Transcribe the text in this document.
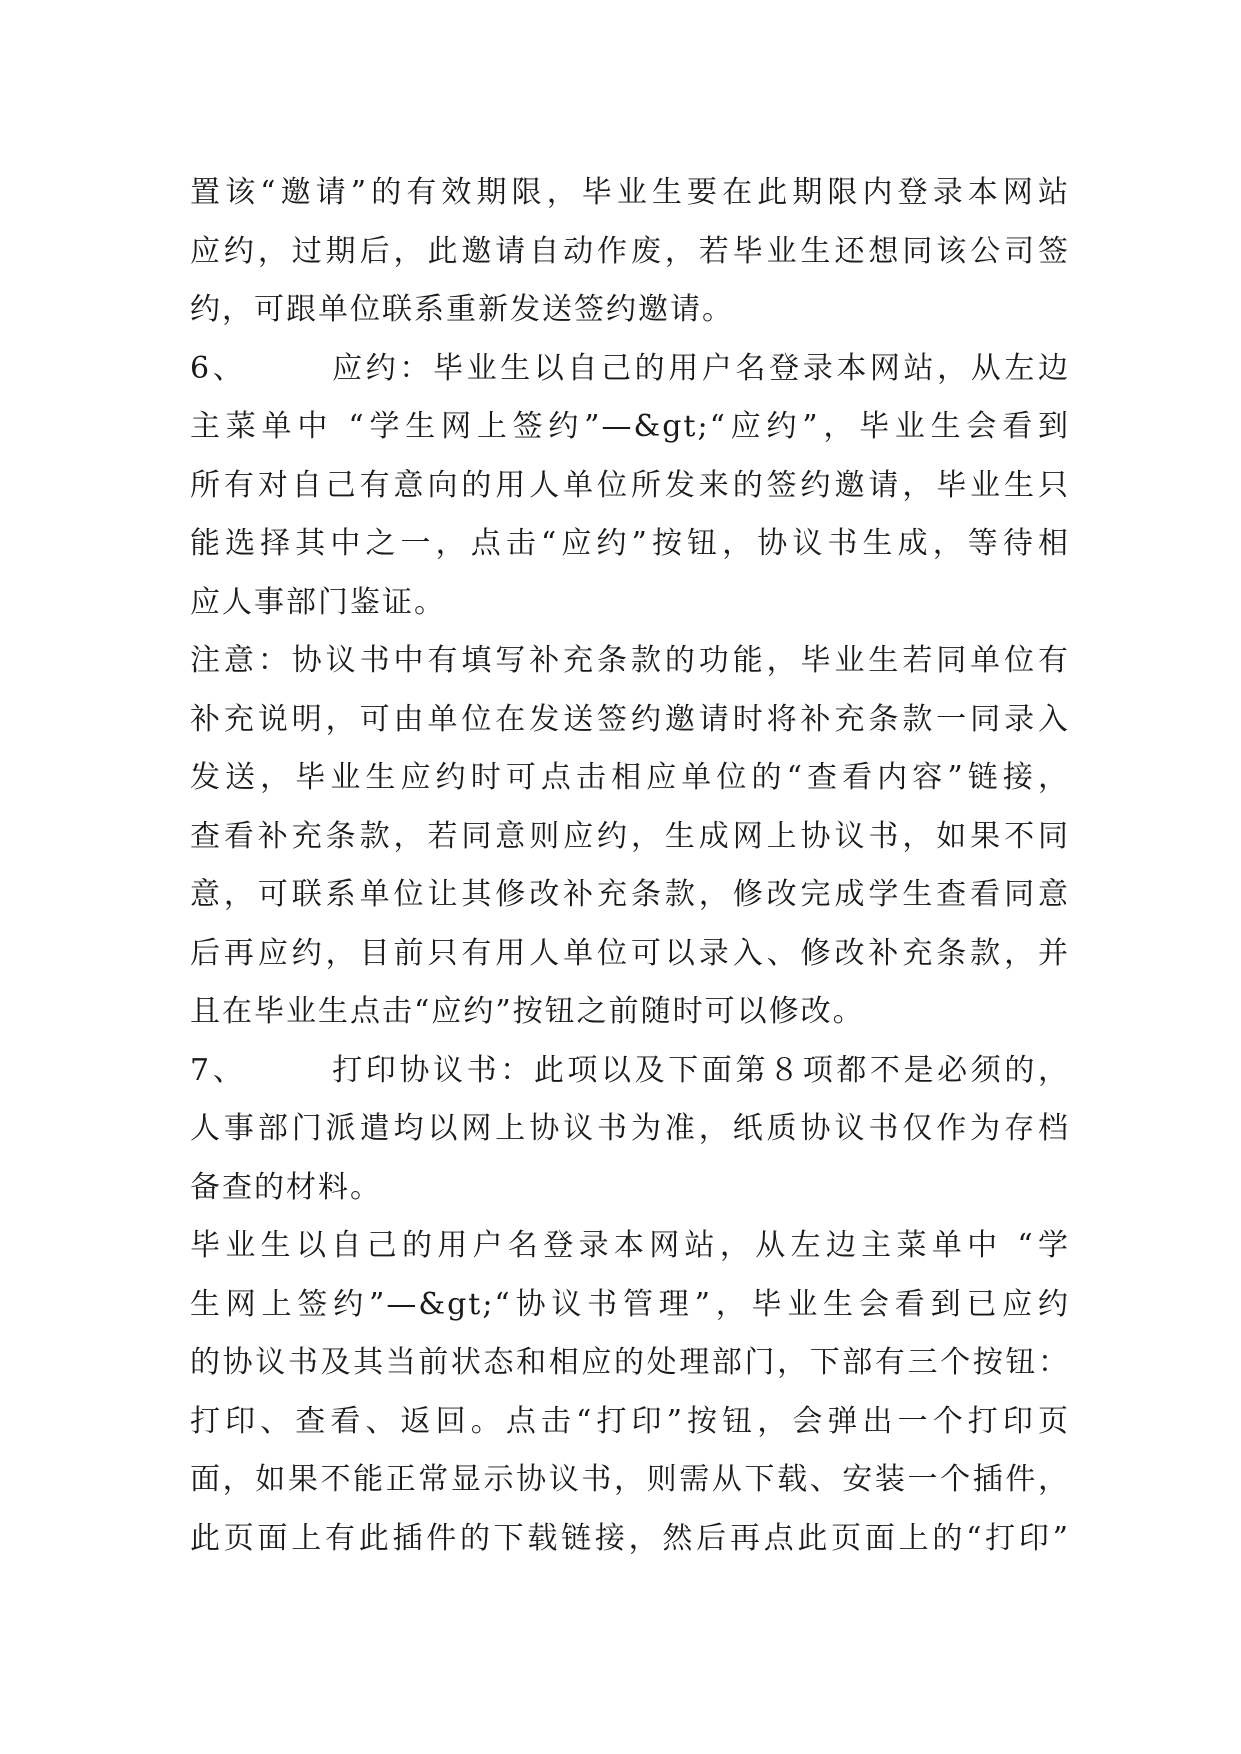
置该“邀请”的有效期限，毕业生要在此期限内登录本网站
应约，过期后，此邀请自动作废，若毕业生还想同该公司签
约，可跟单位联系重新发送签约邀请。
6、　　　应约：毕业生以自己的用户名登录本网站，从左边
主菜单中 “学生网上签约”—&gt;“应约”，毕业生会看到
所有对自己有意向的用人单位所发来的签约邀请，毕业生只
能选择其中之一，点击“应约”按钮，协议书生成，等待相
应人事部门鉴证。
注意：协议书中有填写补充条款的功能，毕业生若同单位有
补充说明，可由单位在发送签约邀请时将补充条款一同录入
发送，毕业生应约时可点击相应单位的“查看内容”链接，
查看补充条款，若同意则应约，生成网上协议书，如果不同
意，可联系单位让其修改补充条款，修改完成学生查看同意
后再应约，目前只有用人单位可以录入、修改补充条款，并
且在毕业生点击“应约”按钮之前随时可以修改。
7、　　　打印协议书：此项以及下面第８项都不是必须的，
人事部门派遣均以网上协议书为准，纸质协议书仅作为存档
备查的材料。
毕业生以自己的用户名登录本网站，从左边主菜单中 “学
生网上签约”—&gt;“协议书管理”，毕业生会看到已应约
的协议书及其当前状态和相应的处理部门，下部有三个按钮：
打印、查看、返回。点击“打印”按钮，会弹出一个打印页
面，如果不能正常显示协议书，则需从下载、安装一个插件，
此页面上有此插件的下载链接，然后再点此页面上的“打印”
